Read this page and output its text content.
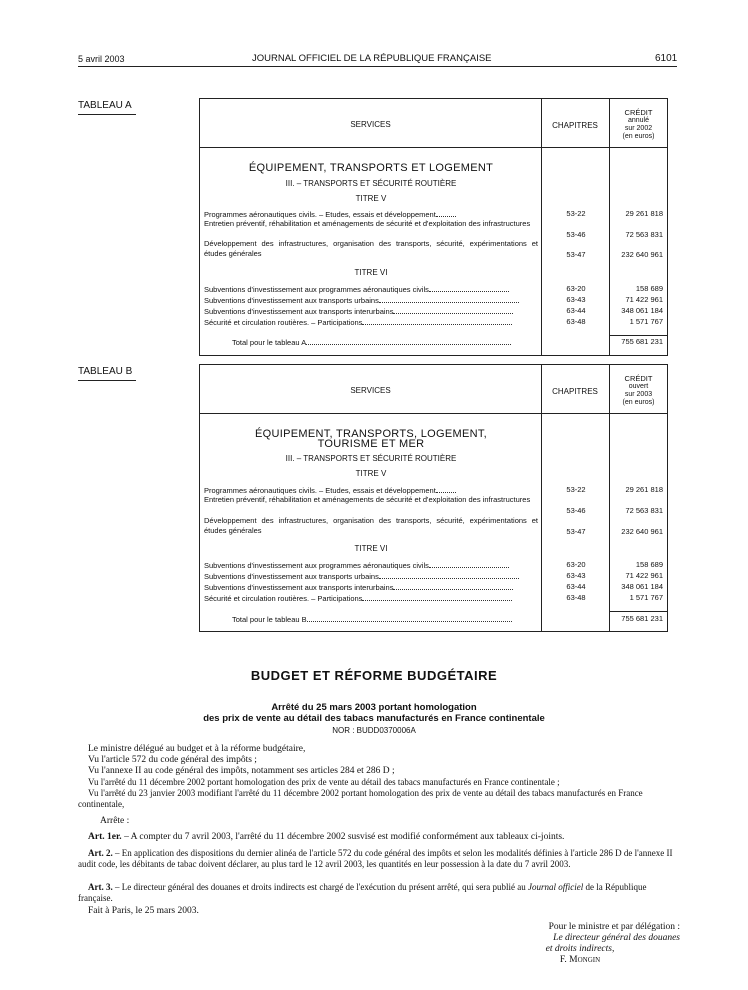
5 avril 2003	JOURNAL OFFICIEL DE LA RÉPUBLIQUE FRANÇAISE	6101
TABLEAU A
SERVICES	CHAPITRES
CRÉDIT
annulé
sur 2002
(en euros)
ÉQUIPEMENT, TRANSPORTS ET LOGEMENT
III. – TRANSPORTS ET SÉCURITÉ ROUTIÈRE
TITRE V
Programmes aéronautiques civils. – Etudes, essais et développement	53-22	29 261 818
Entretien préventif, réhabilitation et aménagements de sécurité et d'exploitation des infrastructures
53-46	72 563 831
Développement des infrastructures, organisation des transports, sécurité, expérimentations et études générales	53-47	232 640 961
TITRE VI
Subventions d'investissement aux programmes aéronautiques civils	63-20	158 689
Subventions d'investissement aux transports urbains	63-43	71 422 961
Subventions d'investissement aux transports interurbains	63-44	348 061 184
Sécurité et circulation routières. – Participations	63-48	1 571 767
Total pour le tableau A	755 681 231
TABLEAU B
SERVICES	CHAPITRES
CRÉDIT
ouvert
sur 2003
(en euros)
ÉQUIPEMENT, TRANSPORTS, LOGEMENT,
TOURISME ET MER
III. – TRANSPORTS ET SÉCURITÉ ROUTIÈRE
TITRE V
Programmes aéronautiques civils. – Etudes, essais et développement	53-22	29 261 818
Entretien préventif, réhabilitation et aménagements de sécurité et d'exploitation des infrastructures
53-46	72 563 831
Développement des infrastructures, organisation des transports, sécurité, expérimentations et études générales	53-47	232 640 961
TITRE VI
Subventions d'investissement aux programmes aéronautiques civils	63-20	158 689
Subventions d'investissement aux transports urbains	63-43	71 422 961
Subventions d'investissement aux transports interurbains	63-44	348 061 184
Sécurité et circulation routières. – Participations	63-48	1 571 767
Total pour le tableau B	755 681 231
BUDGET ET RÉFORME BUDGÉTAIRE
Arrêté du 25 mars 2003 portant homologation
des prix de vente au détail des tabacs manufacturés en France continentale
NOR : BUDD0370006A
Le ministre délégué au budget et à la réforme budgétaire,
Vu l'article 572 du code général des impôts ;
Vu l'annexe II au code général des impôts, notamment ses articles 284 et 286 D ;
Vu l'arrêté du 11 décembre 2002 portant homologation des prix de vente au détail des tabacs manufacturés en France continentale ;
Vu l'arrêté du 23 janvier 2003 modifiant l'arrêté du 11 décembre 2002 portant homologation des prix de vente au détail des tabacs manufacturés en France continentale,
Arrête :
Art. 1er. – A compter du 7 avril 2003, l'arrêté du 11 décembre 2002 susvisé est modifié conformément aux tableaux ci-joints.
Art. 2. – En application des dispositions du dernier alinéa de l'article 572 du code général des impôts et selon les modalités définies à l'article 286 D de l'annexe II audit code, les débitants de tabac doivent déclarer, au plus tard le 12 avril 2003, les quantités en leur possession à la date du 7 avril 2003.
Art. 3. – Le directeur général des douanes et droits indirects est chargé de l'exécution du présent arrêté, qui sera publié au Journal officiel de la République française.
Fait à Paris, le 25 mars 2003.
Pour le ministre et par délégation :
Le directeur général des douanes
et droits indirects,
F. Mongin
